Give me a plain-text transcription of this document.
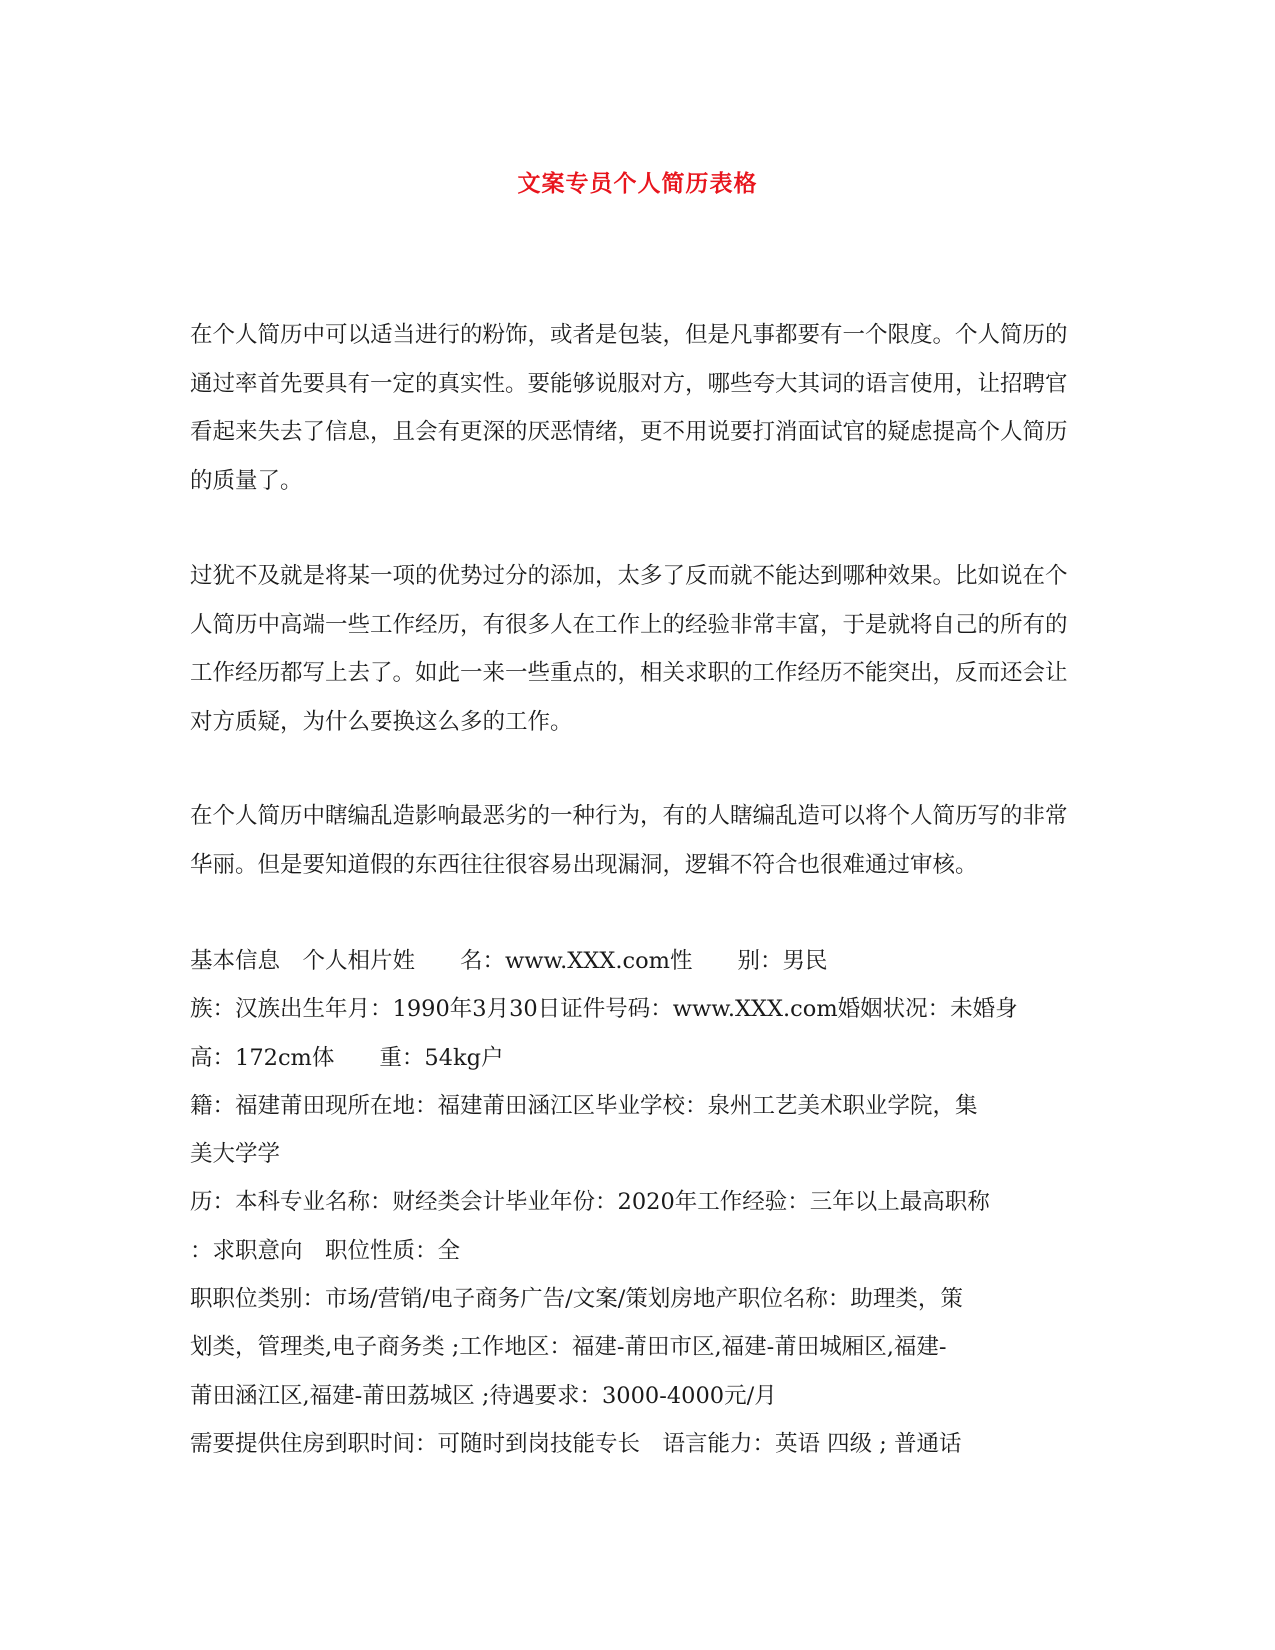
文案专员个人简历表格

在个人简历中可以适当进行的粉饰，或者是包装，但是凡事都要有一个限度。个人简历的通过率首先要具有一定的真实性。要能够说服对方，哪些夸大其词的语言使用，让招聘官看起来失去了信息，且会有更深的厌恶情绪，更不用说要打消面试官的疑虑提高个人简历的质量了。

过犹不及就是将某一项的优势过分的添加，太多了反而就不能达到哪种效果。比如说在个人简历中高端一些工作经历，有很多人在工作上的经验非常丰富，于是就将自己的所有的工作经历都写上去了。如此一来一些重点的，相关求职的工作经历不能突出，反而还会让对方质疑，为什么要换这么多的工作。

在个人简历中瞎编乱造影响最恶劣的一种行为，有的人瞎编乱造可以将个人简历写的非常华丽。但是要知道假的东西往往很容易出现漏洞，逻辑不符合也很难通过审核。

基本信息　个人相片姓　　名：www.XXX.com性　　别：男民
族：汉族出生年月：1990年3月30日证件号码：www.XXX.com婚姻状况：未婚身
高：172cm体　　重：54kg户
籍：福建莆田现所在地：福建莆田涵江区毕业学校：泉州工艺美术职业学院，集
美大学学
历：本科专业名称：财经类会计毕业年份：2020年工作经验：三年以上最高职称
：求职意向　职位性质：全
职职位类别：市场/营销/电子商务广告/文案/策划房地产职位名称：助理类，策
划类，管理类,电子商务类 ;工作地区：福建-莆田市区,福建-莆田城厢区,福建-
莆田涵江区,福建-莆田荔城区 ;待遇要求：3000-4000元/月
需要提供住房到职时间：可随时到岗技能专长　语言能力：英语 四级 ; 普通话
